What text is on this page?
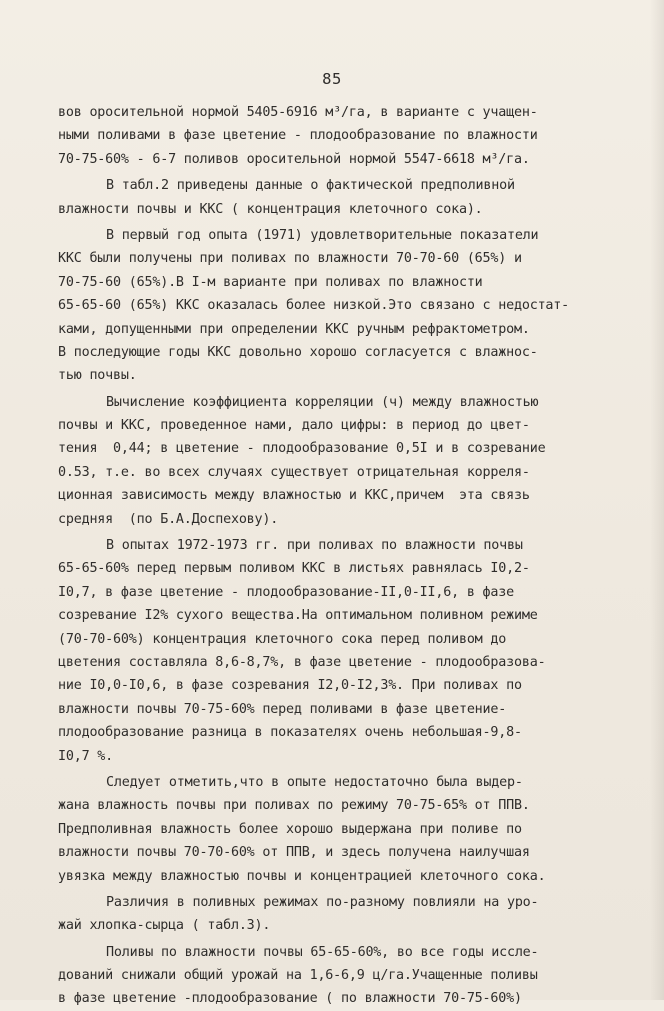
85
вов оросительной нормой 5405-6916 м³/га, в варианте с учащен-
ными поливами в фазе цветение - плодообразование по влажности
70-75-60% - 6-7 поливов оросительной нормой 5547-6618 м³/га.
В табл.2 приведены данные о фактической предполивной
влажности почвы и ККС ( концентрация клеточного сока).
В первый год опыта (1971) удовлетворительные показатели
ККС были получены при поливах по влажности 70-70-60 (65%) и
70-75-60 (65%).В I-м варианте при поливах по влажности
65-65-60 (65%) ККС оказалась более низкой.Это связано с недостат-
ками, допущенными при определении ККС ручным рефрактометром.
В последующие годы ККС довольно хорошо согласуется с влажнос-
тью почвы.
Вычисление коэффициента корреляции (ч) между влажностью
почвы и ККС, проведенное нами, дало цифры: в период до цвет-
тения  0,44; в цветение - плодообразование 0,5I и в созревание
0.53, т.е. во всех случаях существует отрицательная корреля-
ционная зависимость между влажностью и ККС,причем  эта связь
средняя  (по Б.А.Доспехову).
В опытах 1972-1973 гг. при поливах по влажности почвы
65-65-60% перед первым поливом ККС в листьях равнялась I0,2-
I0,7, в фазе цветение - плодообразование-II,0-II,6, в фазе
созревание I2% сухого вещества.На оптимальном поливном режиме
(70-70-60%) концентрация клеточного сока перед поливом до
цветения составляла 8,6-8,7%, в фазе цветение - плодообразова-
ние I0,0-I0,6, в фазе созревания I2,0-I2,3%. При поливах по
влажности почвы 70-75-60% перед поливами в фазе цветение-
плодообразование разница в показателях очень небольшая-9,8-
I0,7 %.
Следует отметить,что в опыте недостаточно была выдер-
жана влажность почвы при поливах по режиму 70-75-65% от ППВ.
Предполивная влажность более хорошо выдержана при поливе по
влажности почвы 70-70-60% от ППВ, и здесь получена наилучшая
увязка между влажностью почвы и концентрацией клеточного сока.
Различия в поливных режимах по-разному повлияли на уро-
жай хлопка-сырца ( табл.3).
Поливы по влажности почвы 65-65-60%, во все годы иссле-
дований снижали общий урожай на 1,6-6,9 ц/га.Учащенные поливы
в фазе цветение -плодообразование ( по влажности 70-75-60%)
